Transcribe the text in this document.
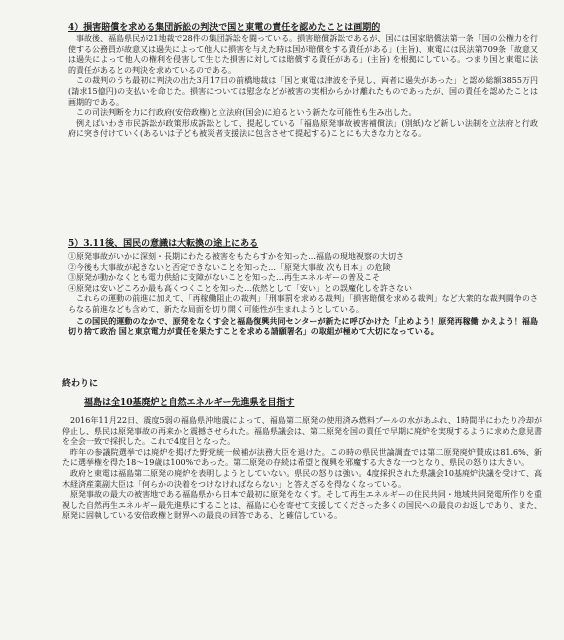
4）損害賠償を求める集団訴訟の判決で国と東電の責任を認めたことは画期的

事故後、福島県民が21地裁で28件の集団訴訟を闘っている。損害賠償訴訟であるが、国には国家賠償法第一条「国の公権力を行使する公務員が故意又は過失によって他人に損害を与えた時は国が賠償をする責任がある」(主旨)、東電には民法第709条「故意又は過失によって他人の権利を侵害して生じた損害に対しては賠償する責任がある」(主旨) を根拠にしている。つまり国と東電に法的責任があるとの判決を求めているのである。

この裁判のうち最初に判決の出た3月17日の前橋地裁は「国と東電は津波を予見し、両者に過失があった」と認め総額3855万円(請求15億円)の支払いを命じた。損害については慰念などが被害の実相からかけ離れたものであったが、国の責任を認めたことは画期的である。

この司法判断を力に行政府(安倍政権)と立法府(国会)に迫るという新たな可能性も生み出した。

例えばいわき市民訴訟が政策形成訴訟として、提起している「福島原発事故被害補償法」(別紙)など新しい法制を立法府と行政府に突き付けていく(あるいは子ども被災者支援法に包含させて提起する)ことにも大きな力となる。

5）3.11後、国民の意識は大転換の途上にある

①原発事故がいかに深刻・長期にわたる被害をもたらすかを知った…福島の現地視察の大切さ
②今後も大事故が起きないと否定できないことを知った…「原発大事故 次も日本」の危険
③原発が動かなくとも電力供給に支障がないことを知った…再生エネルギーの普及こそ
④原発は安いどころか最も高くつくことを知った…依然として「安い」との誤魔化しを許さない

これらの運動の前進に加えて、「再稼働阻止の裁判」「刑事罰を求める裁判」「損害賠償を求める裁判」など大衆的な裁判闘争のさらなる前進なども含めて、新たな局面を切り開く可能性が生まれようとしている。

この国民的運動のなかで、原発をなくす会と福島復興共同センターが新たに呼びかけた「止めよう！原発再稼働 かえよう！福島切り捨て政治 国と東京電力が責任を果たすことを求める請願署名」の取組が極めて大切になっている。

終わりに

福島は全10基廃炉と自然エネルギー先進県を目指す

2016年11月22日、震度5弱の福島県沖地震によって、福島第二原発の使用済み燃料プールの水があふれ、1時間半にわたり冷却が停止し、県民は原発事故の再来かと震撼させられた。福島県議会は、第二原発を国の責任で早期に廃炉を実現するように求めた意見書を全会一致で採択した。これで4度目となった。

昨年の参議院選挙では廃炉を掲げた野党統一候補が法務大臣を退けた。この時の県民世論調査では第二原発廃炉賛成は81.6%、新たに選挙権を得た18〜19歳は100%であった。第二原発の存続は希望と復興を邪魔する大きな一つとなり、県民の怒りは大きい。

政府と東電は福島第二原発の廃炉を表明しようとしていない。県民の怒りは強い。4度採択された県議会10基廃炉決議を受けて、高木経済産業副大臣は「何らかの決着をつけなければならない」と答えざるを得なくなっている。

原発事故の最大の被害地である福島県から日本で最初に原発をなくす。そして再生エネルギーの住民共同・地域共同発電所作りを重視した自然再生エネルギー最先進県にすることは、福島に心を寄せて支援してくださった多くの国民への最良のお返しであり、また、原発に固執している安倍政権と財界への最良の回答である、と確信している。
